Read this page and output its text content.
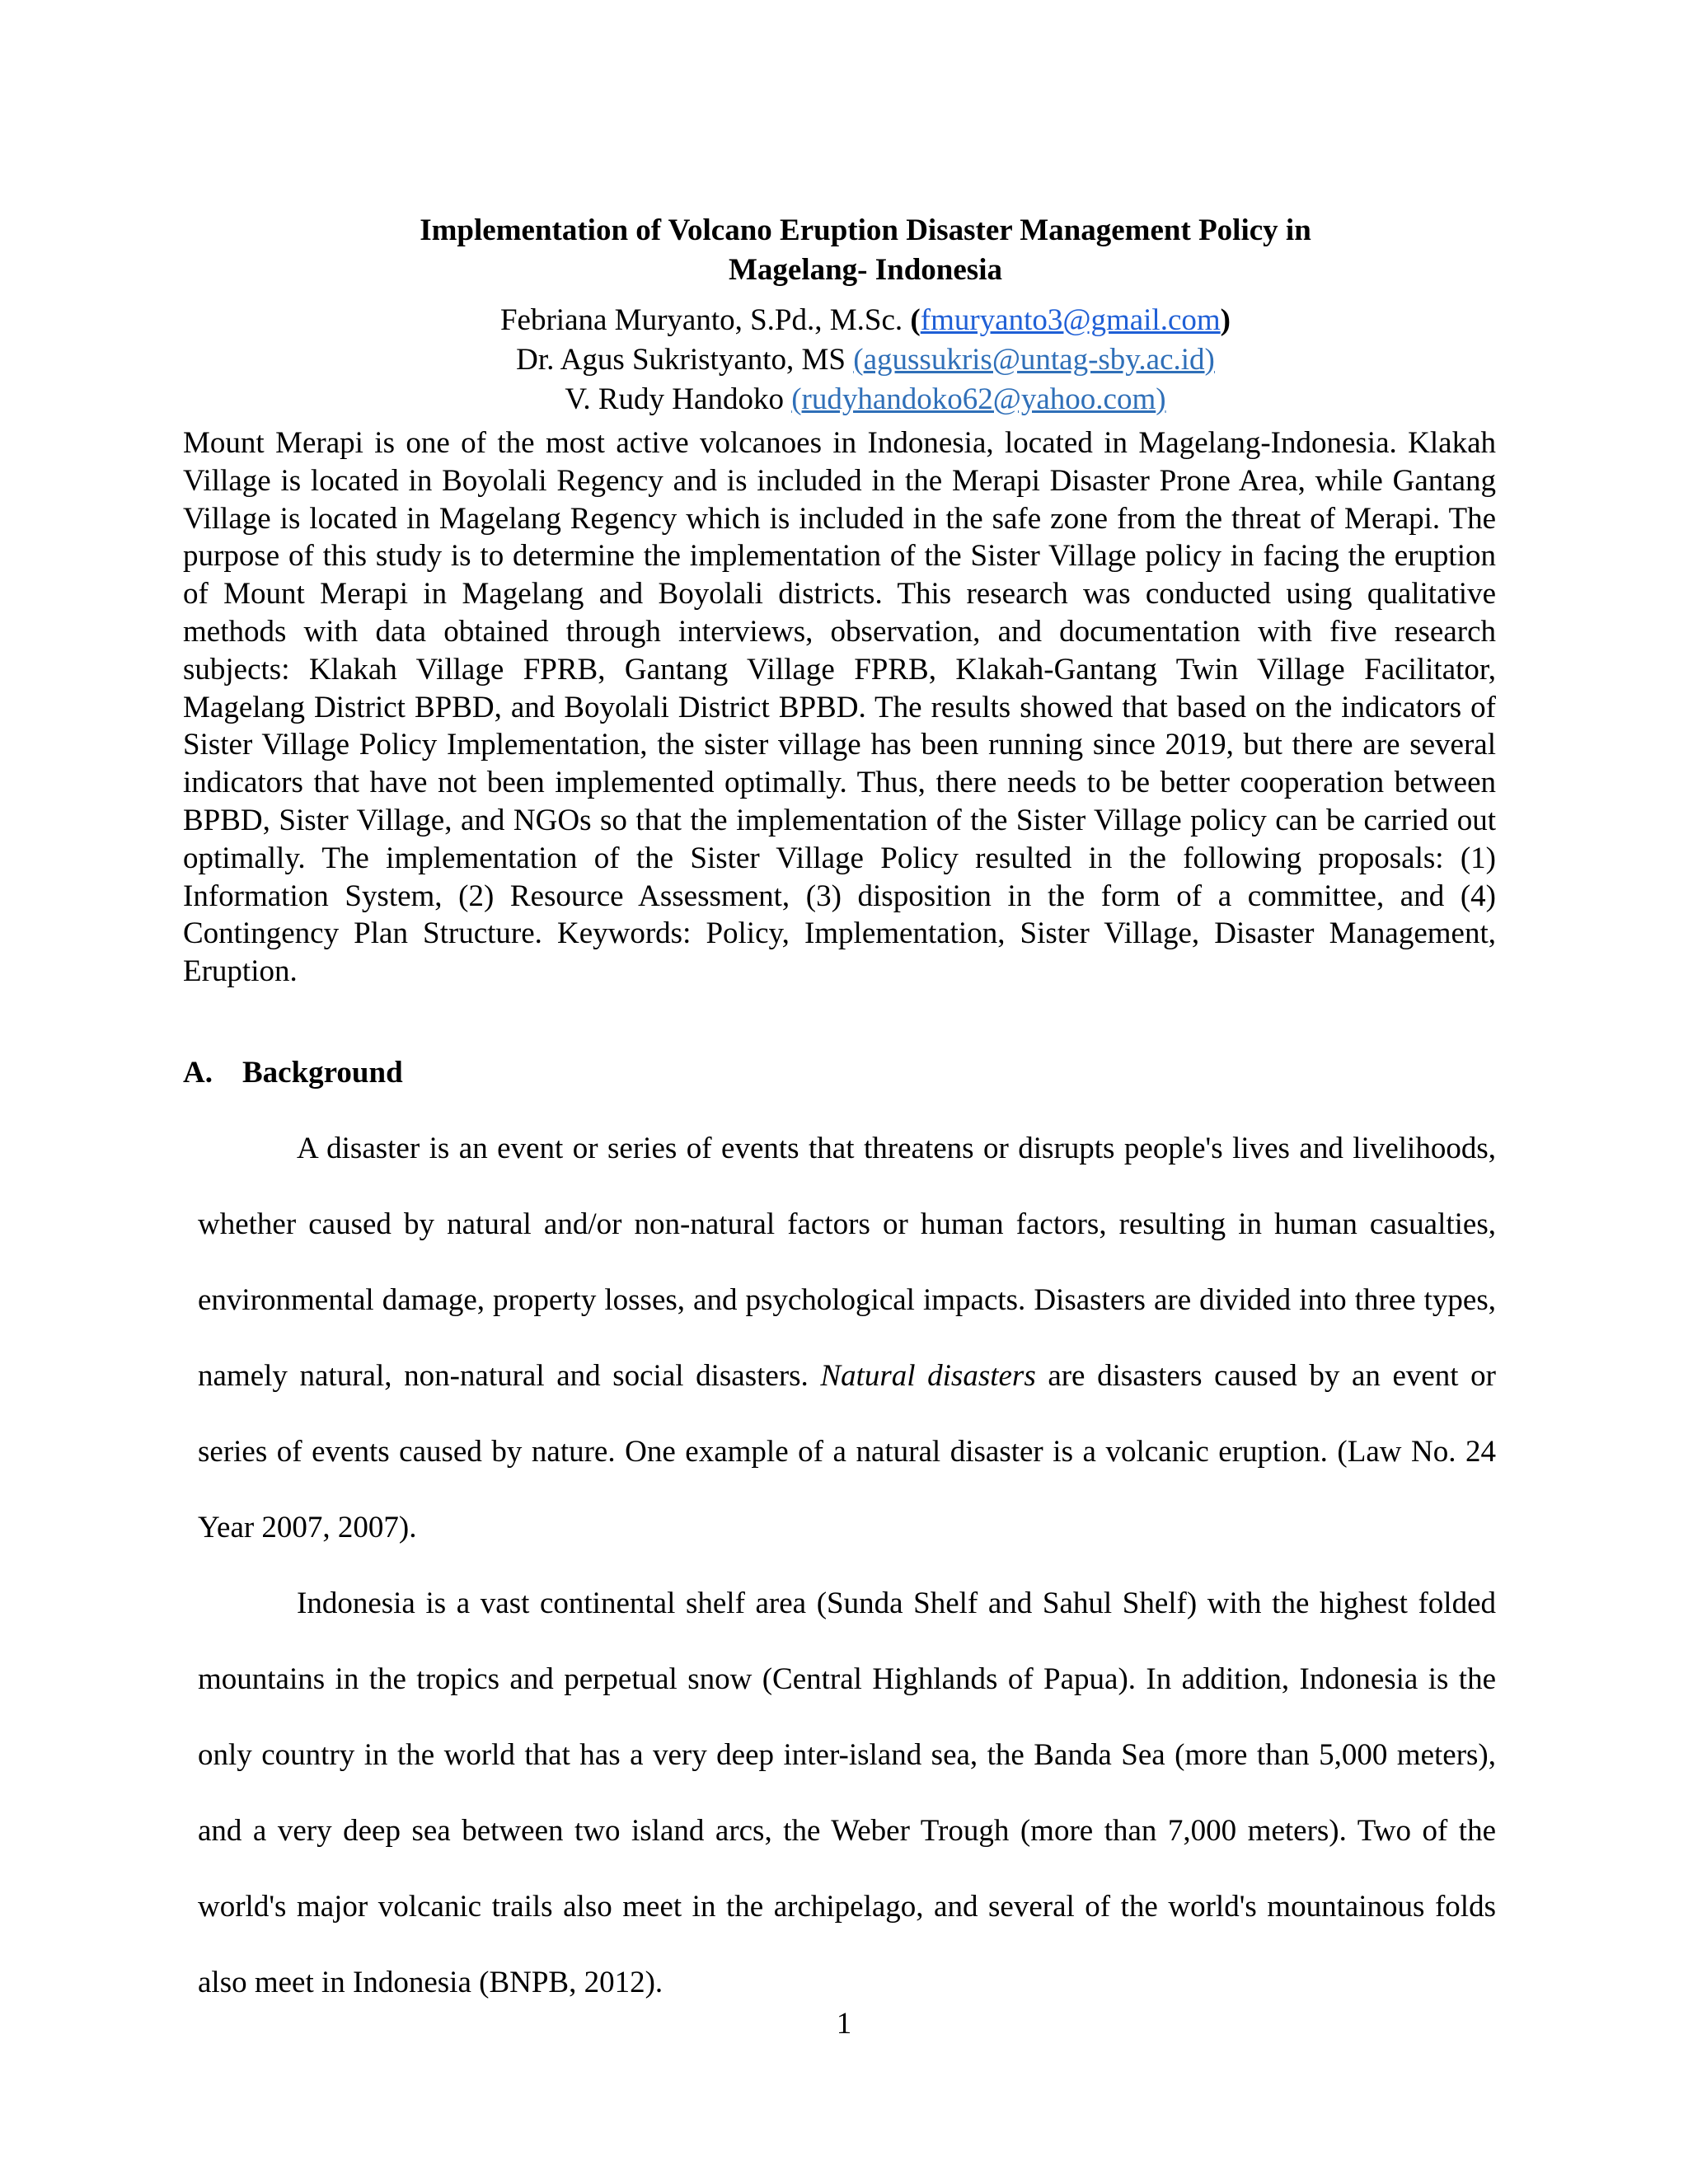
Implementation of Volcano Eruption Disaster Management Policy in
Magelang- Indonesia
Febriana Muryanto, S.Pd., M.Sc. (fmuryanto3@gmail.com)
Dr. Agus Sukristyanto, MS (agussukris@untag-sby.ac.id)
V. Rudy Handoko (rudyhandoko62@yahoo.com)

Mount Merapi is one of the most active volcanoes in Indonesia, located in Magelang-Indonesia. Klakah Village is located in Boyolali Regency and is included in the Merapi Disaster Prone Area, while Gantang Village is located in Magelang Regency which is included in the safe zone from the threat of Merapi. The purpose of this study is to determine the implementation of the Sister Village policy in facing the eruption of Mount Merapi in Magelang and Boyolali districts. This research was conducted using qualitative methods with data obtained through interviews, observation, and documentation with five research subjects: Klakah Village FPRB, Gantang Village FPRB, Klakah-Gantang Twin Village Facilitator, Magelang District BPBD, and Boyolali District BPBD. The results showed that based on the indicators of Sister Village Policy Implementation, the sister village has been running since 2019, but there are several indicators that have not been implemented optimally. Thus, there needs to be better cooperation between BPBD, Sister Village, and NGOs so that the implementation of the Sister Village policy can be carried out optimally. The implementation of the Sister Village Policy resulted in the following proposals: (1) Information System, (2) Resource Assessment, (3) disposition in the form of a committee, and (4) Contingency Plan Structure. Keywords: Policy, Implementation, Sister Village, Disaster Management, Eruption.

A. Background

A disaster is an event or series of events that threatens or disrupts people's lives and livelihoods, whether caused by natural and/or non-natural factors or human factors, resulting in human casualties, environmental damage, property losses, and psychological impacts. Disasters are divided into three types, namely natural, non-natural and social disasters. Natural disasters are disasters caused by an event or series of events caused by nature. One example of a natural disaster is a volcanic eruption. (Law No. 24 Year 2007, 2007).

Indonesia is a vast continental shelf area (Sunda Shelf and Sahul Shelf) with the highest folded mountains in the tropics and perpetual snow (Central Highlands of Papua). In addition, Indonesia is the only country in the world that has a very deep inter-island sea, the Banda Sea (more than 5,000 meters), and a very deep sea between two island arcs, the Weber Trough (more than 7,000 meters). Two of the world's major volcanic trails also meet in the archipelago, and several of the world's mountainous folds also meet in Indonesia (BNPB, 2012).

1
